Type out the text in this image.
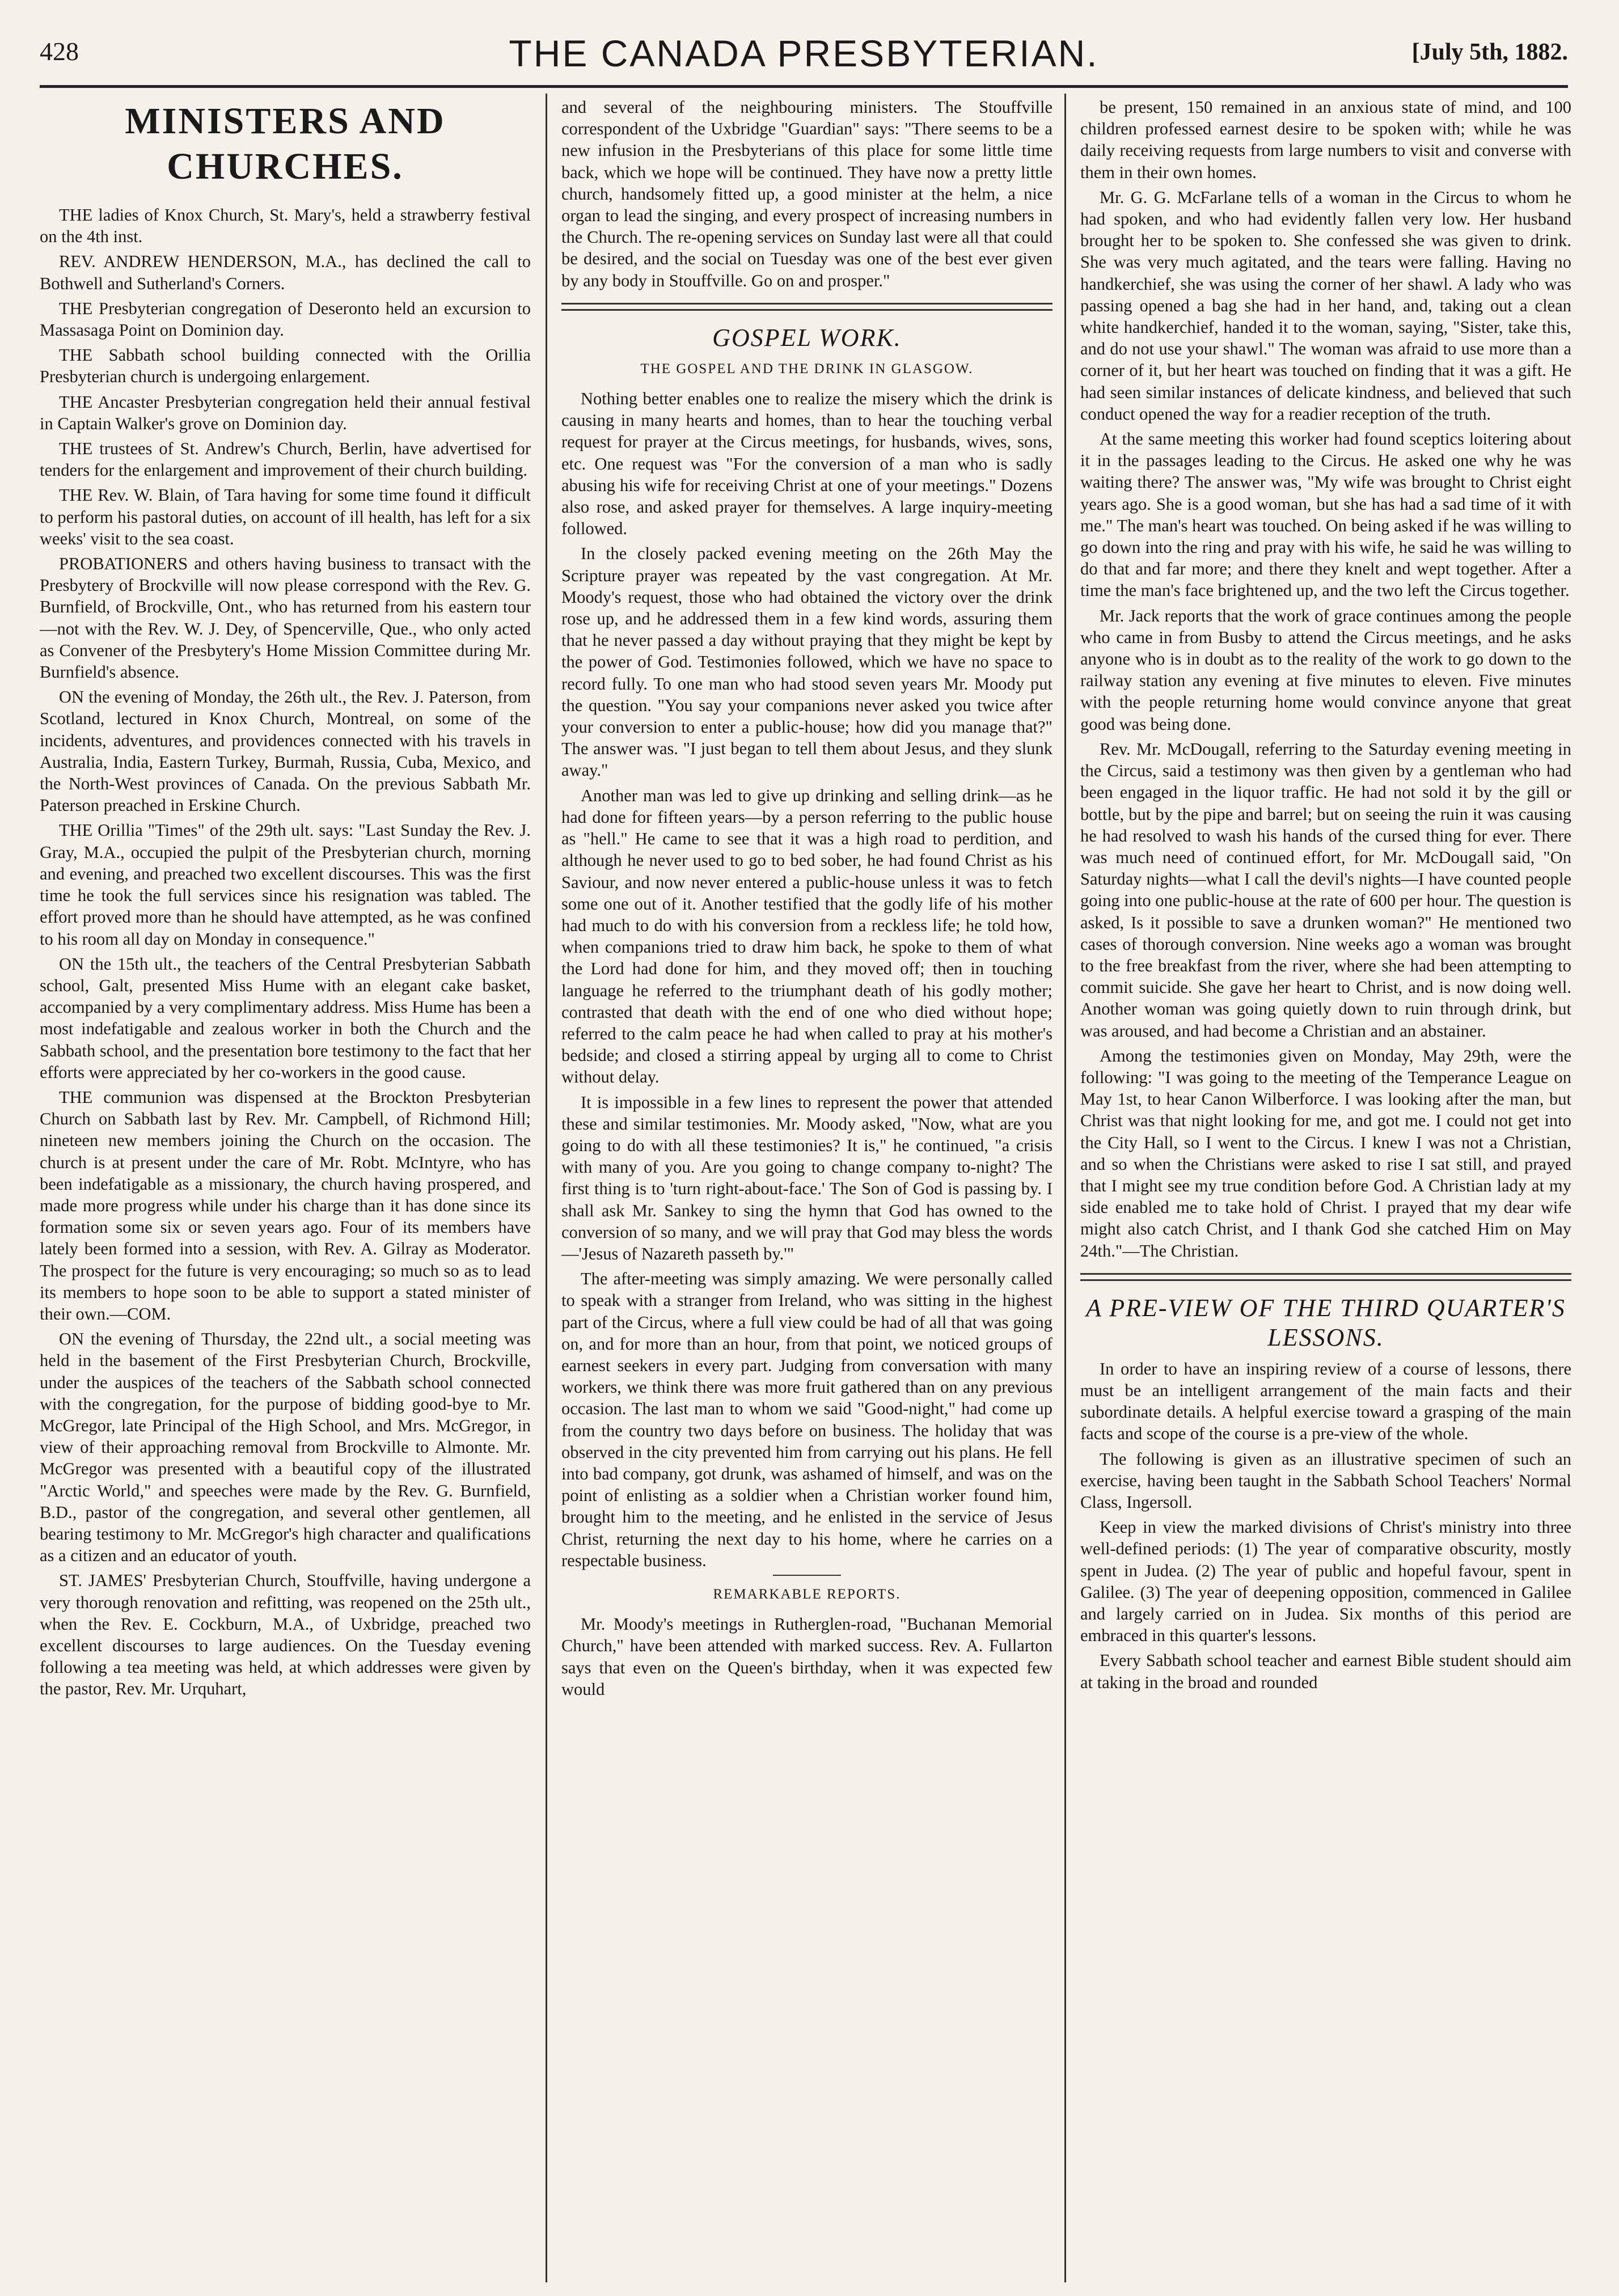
428	THE CANADA PRESBYTERIAN.	[July 5th, 1882.
MINISTERS AND CHURCHES.

THE ladies of Knox Church, St. Mary's, held a strawberry festival on the 4th inst.

REV. ANDREW HENDERSON, M.A., has declined the call to Bothwell and Sutherland's Corners.

THE Presbyterian congregation of Deseronto held an excursion to Massasaga Point on Dominion day.

THE Sabbath school building connected with the Orillia Presbyterian church is undergoing enlargement.

THE Ancaster Presbyterian congregation held their annual festival in Captain Walker's grove on Dominion day.

THE trustees of St. Andrew's Church, Berlin, have advertised for tenders for the enlargement and improvement of their church building.

THE Rev. W. Blain, of Tara having for some time found it difficult to perform his pastoral duties, on account of ill health, has left for a six weeks' visit to the sea coast.

PROBATIONERS and others having business to transact with the Presbytery of Brockville will now please correspond with the Rev. G. Burnfield, of Brockville, Ont., who has returned from his eastern tour—not with the Rev. W. J. Dey, of Spencerville, Que., who only acted as Convener of the Presbytery's Home Mission Committee during Mr. Burnfield's absence.

ON the evening of Monday, the 26th ult., the Rev. J. Paterson, from Scotland, lectured in Knox Church, Montreal, on some of the incidents, adventures, and providences connected with his travels in Australia, India, Eastern Turkey, Burmah, Russia, Cuba, Mexico, and the North-West provinces of Canada. On the previous Sabbath Mr. Paterson preached in Erskine Church.

THE Orillia "Times" of the 29th ult. says: "Last Sunday the Rev. J. Gray, M.A., occupied the pulpit of the Presbyterian church, morning and evening, and preached two excellent discourses. This was the first time he took the full services since his resignation was tabled. The effort proved more than he should have attempted, as he was confined to his room all day on Monday in consequence."

ON the 15th ult., the teachers of the Central Presbyterian Sabbath school, Galt, presented Miss Hume with an elegant cake basket, accompanied by a very complimentary address. Miss Hume has been a most indefatigable and zealous worker in both the Church and the Sabbath school, and the presentation bore testimony to the fact that her efforts were appreciated by her co-workers in the good cause.

THE communion was dispensed at the Brockton Presbyterian Church on Sabbath last by Rev. Mr. Campbell, of Richmond Hill; nineteen new members joining the Church on the occasion. The church is at present under the care of Mr. Robt. McIntyre, who has been indefatigable as a missionary, the church having prospered, and made more progress while under his charge than it has done since its formation some six or seven years ago. Four of its members have lately been formed into a session, with Rev. A. Gilray as Moderator. The prospect for the future is very encouraging; so much so as to lead its members to hope soon to be able to support a stated minister of their own.—COM.

ON the evening of Thursday, the 22nd ult., a social meeting was held in the basement of the First Presbyterian Church, Brockville, under the auspices of the teachers of the Sabbath school connected with the congregation, for the purpose of bidding good-bye to Mr. McGregor, late Principal of the High School, and Mrs. McGregor, in view of their approaching removal from Brockville to Almonte. Mr. McGregor was presented with a beautiful copy of the illustrated "Arctic World," and speeches were made by the Rev. G. Burnfield, B.D., pastor of the congregation, and several other gentlemen, all bearing testimony to Mr. McGregor's high character and qualifications as a citizen and an educator of youth.

ST. JAMES' Presbyterian Church, Stouffville, having undergone a very thorough renovation and refitting, was reopened on the 25th ult., when the Rev. E. Cockburn, M.A., of Uxbridge, preached two excellent discourses to large audiences. On the Tuesday evening following a tea meeting was held, at which addresses were given by the pastor, Rev. Mr. Urquhart,

and several of the neighbouring ministers. The Stouffville correspondent of the Uxbridge "Guardian" says: "There seems to be a new infusion in the Presbyterians of this place for some little time back, which we hope will be continued. They have now a pretty little church, handsomely fitted up, a good minister at the helm, a nice organ to lead the singing, and every prospect of increasing numbers in the Church. The re-opening services on Sunday last were all that could be desired, and the social on Tuesday was one of the best ever given by any body in Stouffville. Go on and prosper."

GOSPEL WORK.
THE GOSPEL AND THE DRINK IN GLASGOW.

Nothing better enables one to realize the misery which the drink is causing in many hearts and homes, than to hear the touching verbal request for prayer at the Circus meetings, for husbands, wives, sons, etc. One request was "For the conversion of a man who is sadly abusing his wife for receiving Christ at one of your meetings." Dozens also rose, and asked prayer for themselves. A large inquiry-meeting followed.

In the closely packed evening meeting on the 26th May the Scripture prayer was repeated by the vast congregation. At Mr. Moody's request, those who had obtained the victory over the drink rose up, and he addressed them in a few kind words, assuring them that he never passed a day without praying that they might be kept by the power of God. Testimonies followed, which we have no space to record fully. To one man who had stood seven years Mr. Moody put the question. "You say your companions never asked you twice after your conversion to enter a public-house; how did you manage that?" The answer was. "I just began to tell them about Jesus, and they slunk away."

Another man was led to give up drinking and selling drink—as he had done for fifteen years—by a person referring to the public house as "hell." He came to see that it was a high road to perdition, and although he never used to go to bed sober, he had found Christ as his Saviour, and now never entered a public-house unless it was to fetch some one out of it. Another testified that the godly life of his mother had much to do with his conversion from a reckless life; he told how, when companions tried to draw him back, he spoke to them of what the Lord had done for him, and they moved off; then in touching language he referred to the triumphant death of his godly mother; contrasted that death with the end of one who died without hope; referred to the calm peace he had when called to pray at his mother's bedside; and closed a stirring appeal by urging all to come to Christ without delay.

It is impossible in a few lines to represent the power that attended these and similar testimonies. Mr. Moody asked, "Now, what are you going to do with all these testimonies? It is," he continued, "a crisis with many of you. Are you going to change company to-night? The first thing is to 'turn right-about-face.' The Son of God is passing by. I shall ask Mr. Sankey to sing the hymn that God has owned to the conversion of so many, and we will pray that God may bless the words—'Jesus of Nazareth passeth by.'"

The after-meeting was simply amazing. We were personally called to speak with a stranger from Ireland, who was sitting in the highest part of the Circus, where a full view could be had of all that was going on, and for more than an hour, from that point, we noticed groups of earnest seekers in every part. Judging from conversation with many workers, we think there was more fruit gathered than on any previous occasion. The last man to whom we said "Good-night," had come up from the country two days before on business. The holiday that was observed in the city prevented him from carrying out his plans. He fell into bad company, got drunk, was ashamed of himself, and was on the point of enlisting as a soldier when a Christian worker found him, brought him to the meeting, and he enlisted in the service of Jesus Christ, returning the next day to his home, where he carries on a respectable business.

REMARKABLE REPORTS.

Mr. Moody's meetings in Rutherglen-road, "Buchanan Memorial Church," have been attended with marked success. Rev. A. Fullarton says that even on the Queen's birthday, when it was expected few would

be present, 150 remained in an anxious state of mind, and 100 children professed earnest desire to be spoken with; while he was daily receiving requests from large numbers to visit and converse with them in their own homes.

Mr. G. G. McFarlane tells of a woman in the Circus to whom he had spoken, and who had evidently fallen very low. Her husband brought her to be spoken to. She confessed she was given to drink. She was very much agitated, and the tears were falling. Having no handkerchief, she was using the corner of her shawl. A lady who was passing opened a bag she had in her hand, and, taking out a clean white handkerchief, handed it to the woman, saying, "Sister, take this, and do not use your shawl." The woman was afraid to use more than a corner of it, but her heart was touched on finding that it was a gift. He had seen similar instances of delicate kindness, and believed that such conduct opened the way for a readier reception of the truth.

At the same meeting this worker had found sceptics loitering about it in the passages leading to the Circus. He asked one why he was waiting there? The answer was, "My wife was brought to Christ eight years ago. She is a good woman, but she has had a sad time of it with me." The man's heart was touched. On being asked if he was willing to go down into the ring and pray with his wife, he said he was willing to do that and far more; and there they knelt and wept together. After a time the man's face brightened up, and the two left the Circus together.

Mr. Jack reports that the work of grace continues among the people who came in from Busby to attend the Circus meetings, and he asks anyone who is in doubt as to the reality of the work to go down to the railway station any evening at five minutes to eleven. Five minutes with the people returning home would convince anyone that great good was being done.

Rev. Mr. McDougall, referring to the Saturday evening meeting in the Circus, said a testimony was then given by a gentleman who had been engaged in the liquor traffic. He had not sold it by the gill or bottle, but by the pipe and barrel; but on seeing the ruin it was causing he had resolved to wash his hands of the cursed thing for ever. There was much need of continued effort, for Mr. McDougall said, "On Saturday nights—what I call the devil's nights—I have counted people going into one public-house at the rate of 600 per hour. The question is asked, Is it possible to save a drunken woman?" He mentioned two cases of thorough conversion. Nine weeks ago a woman was brought to the free breakfast from the river, where she had been attempting to commit suicide. She gave her heart to Christ, and is now doing well. Another woman was going quietly down to ruin through drink, but was aroused, and had become a Christian and an abstainer.

Among the testimonies given on Monday, May 29th, were the following: "I was going to the meeting of the Temperance League on May 1st, to hear Canon Wilberforce. I was looking after the man, but Christ was that night looking for me, and got me. I could not get into the City Hall, so I went to the Circus. I knew I was not a Christian, and so when the Christians were asked to rise I sat still, and prayed that I might see my true condition before God. A Christian lady at my side enabled me to take hold of Christ. I prayed that my dear wife might also catch Christ, and I thank God she catched Him on May 24th."—The Christian.

A PRE-VIEW OF THE THIRD QUARTER'S LESSONS.

In order to have an inspiring review of a course of lessons, there must be an intelligent arrangement of the main facts and their subordinate details. A helpful exercise toward a grasping of the main facts and scope of the course is a pre-view of the whole.

The following is given as an illustrative specimen of such an exercise, having been taught in the Sabbath School Teachers' Normal Class, Ingersoll.

Keep in view the marked divisions of Christ's ministry into three well-defined periods: (1) The year of comparative obscurity, mostly spent in Judea. (2) The year of public and hopeful favour, spent in Galilee. (3) The year of deepening opposition, commenced in Galilee and largely carried on in Judea. Six months of this period are embraced in this quarter's lessons.

Every Sabbath school teacher and earnest Bible student should aim at taking in the broad and rounded
